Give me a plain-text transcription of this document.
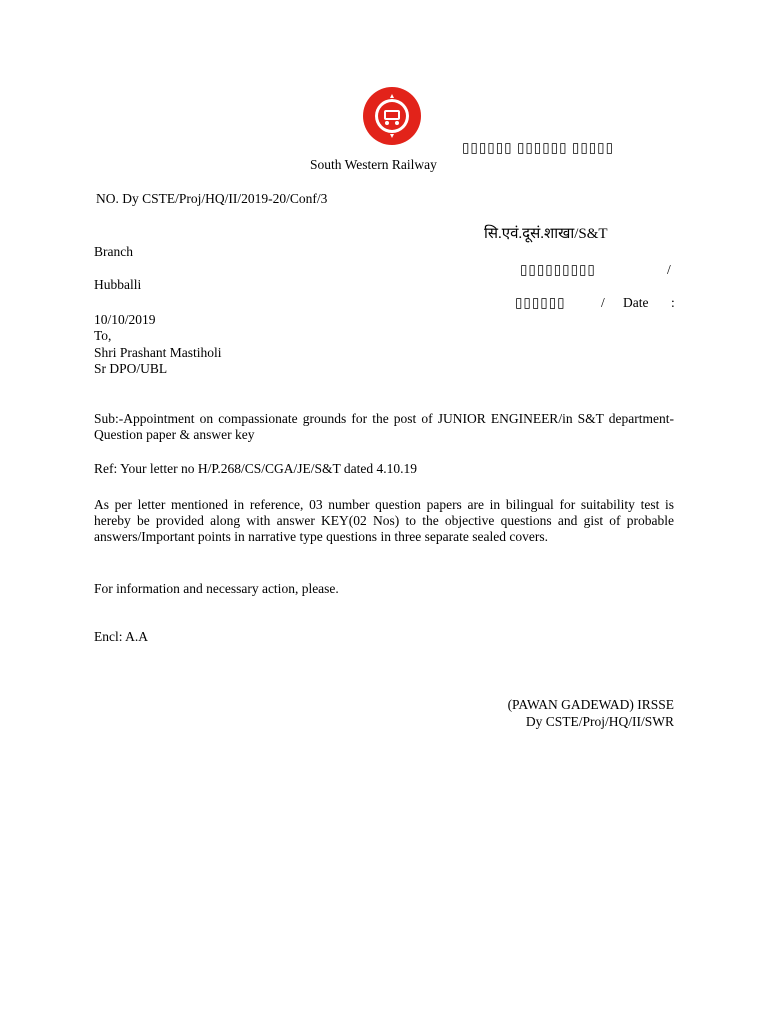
▯▯▯▯▯▯ ▯▯▯▯▯▯ ▯▯▯▯▯
South Western Railway
NO. Dy CSTE/Proj/HQ/II/2019-20/Conf/3
सि.एवं.दूसं.शाखा/S&T
Branch
▯▯▯▯▯▯▯▯▯	/
Hubballi
▯▯▯▯▯▯	/ Date :
10/10/2019
To,
Shri Prashant Mastiholi
Sr DPO/UBL
Sub:-Appointment on compassionate grounds for the post of JUNIOR ENGINEER/in S&T department-Question paper & answer key
Ref: Your letter no H/P.268/CS/CGA/JE/S&T dated 4.10.19
As per letter mentioned in reference, 03 number question papers are in bilingual for suitability test is hereby be provided along with answer KEY(02 Nos) to the objective questions and gist of probable answers/Important points in narrative type questions in three separate sealed covers.
For information and necessary action, please.
Encl: A.A
(PAWAN GADEWAD) IRSSE
Dy CSTE/Proj/HQ/II/SWR
